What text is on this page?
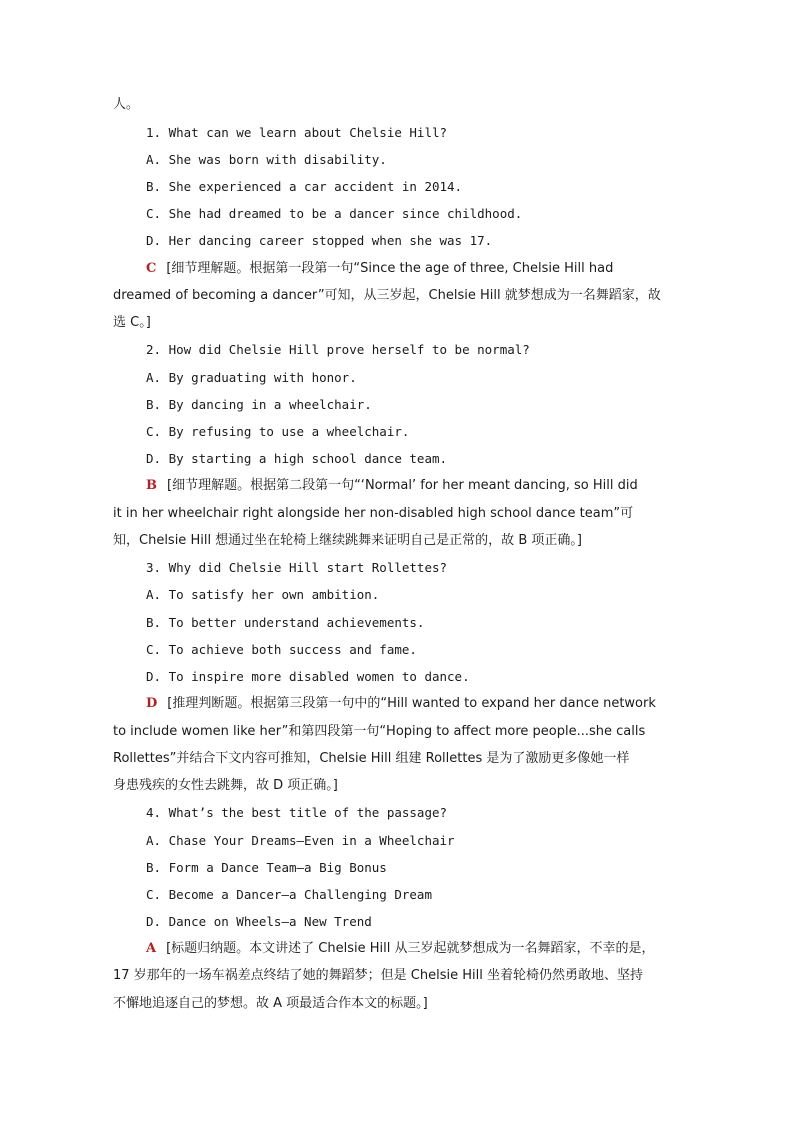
人。
1. What can we learn about Chelsie Hill?
A. She was born with disability.
B. She experienced a car accident in 2014.
C. She had dreamed to be a dancer since childhood.
D. Her dancing career stopped when she was 17.
C [细节理解题。根据第一段第一句“Since the age of three, Chelsie Hill had
dreamed of becoming a dancer”可知，从三岁起，Chelsie Hill 就梦想成为一名舞蹈家，故
选 C。]
2. How did Chelsie Hill prove herself to be normal?
A. By graduating with honor.
B. By dancing in a wheelchair.
C. By refusing to use a wheelchair.
D. By starting a high school dance team.
B [细节理解题。根据第二段第一句“‘Normal’ for her meant dancing, so Hill did
it in her wheelchair right alongside her non-disabled high school dance team”可
知，Chelsie Hill 想通过坐在轮椅上继续跳舞来证明自己是正常的，故 B 项正确。]
3. Why did Chelsie Hill start Rollettes?
A. To satisfy her own ambition.
B. To better understand achievements.
C. To achieve both success and fame.
D. To inspire more disabled women to dance.
D [推理判断题。根据第三段第一句中的“Hill wanted to expand her dance network
to include women like her”和第四段第一句“Hoping to affect more people...she calls
Rollettes”并结合下文内容可推知，Chelsie Hill 组建 Rollettes 是为了激励更多像她一样
身患残疾的女性去跳舞，故 D 项正确。]
4. What’s the best title of the passage?
A. Chase Your Dreams—Even in a Wheelchair
B. Form a Dance Team—a Big Bonus
C. Become a Dancer—a Challenging Dream
D. Dance on Wheels—a New Trend
A [标题归纳题。本文讲述了 Chelsie Hill 从三岁起就梦想成为一名舞蹈家，不幸的是，
17 岁那年的一场车祸差点终结了她的舞蹈梦；但是 Chelsie Hill 坐着轮椅仍然勇敢地、坚持
不懈地追逐自己的梦想。故 A 项最适合作本文的标题。]
